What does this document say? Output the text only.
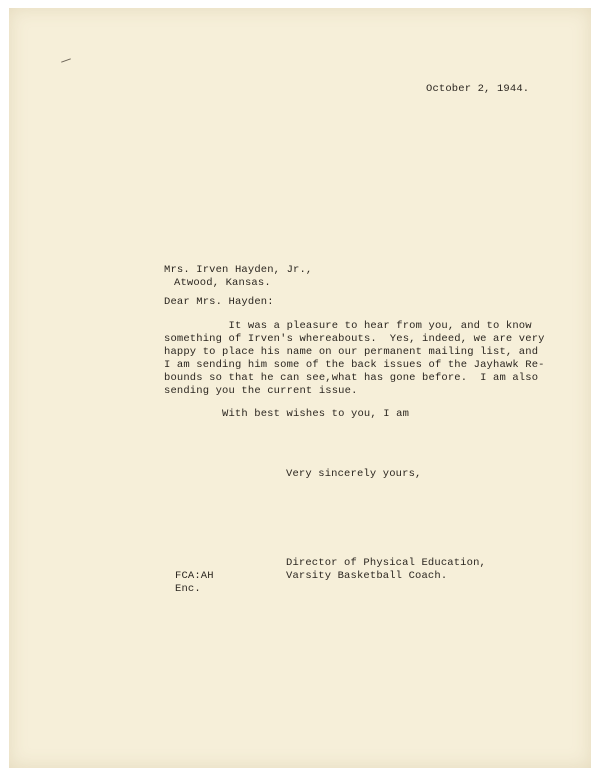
October 2, 1944.
Mrs. Irven Hayden, Jr.,
Atwood, Kansas.
Dear Mrs. Hayden:
It was a pleasure to hear from you, and to know
something of Irven's whereabouts.  Yes, indeed, we are very
happy to place his name on our permanent mailing list, and
I am sending him some of the back issues of the Jayhawk Re-
bounds so that he can see,what has gone before.  I am also
sending you the current issue.
With best wishes to you, I am
Very sincerely yours,
Director of Physical Education,
Varsity Basketball Coach.
FCA:AH
Enc.
